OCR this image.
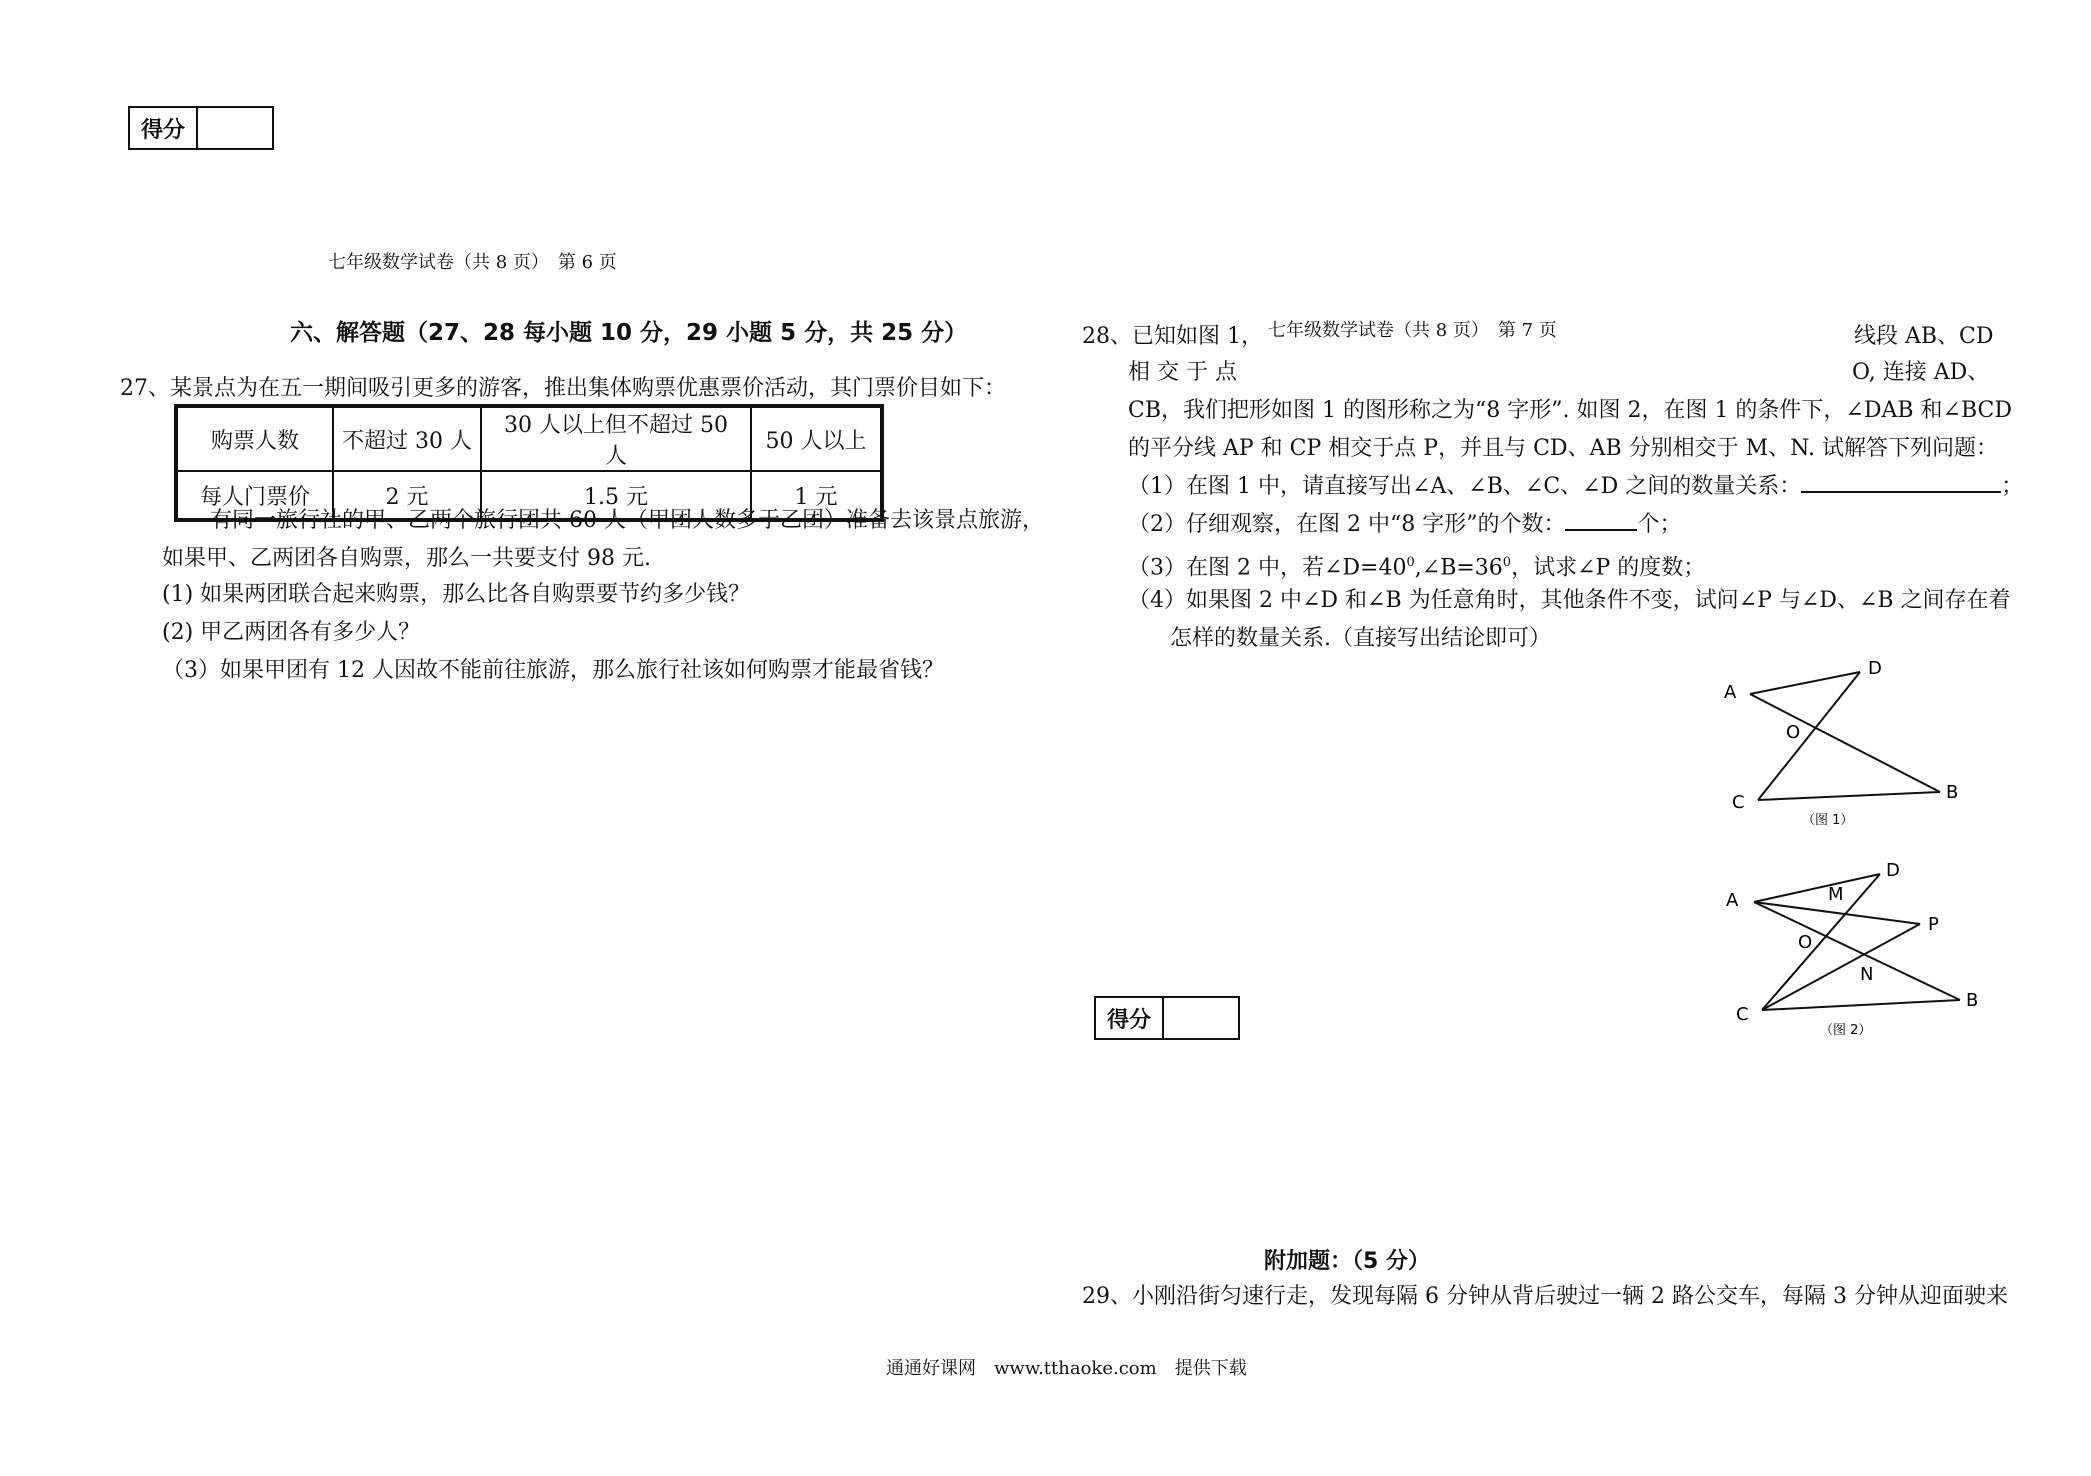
得分
七年级数学试卷（共 8 页）　第 6 页
六、解答题（27、28 每小题 10 分，29 小题 5 分，共 25 分）
27、某景点为在五一期间吸引更多的游客，推出集体购票优惠票价活动，其门票价目如下：
购票人数	不超过 30 人	30 人以上但不超过 50 人	50 人以上
每人门票价	2 元	1.5 元	1 元
有同一旅行社的甲、乙两个旅行团共 60 人（甲团人数多于乙团）准备去该景点旅游，
如果甲、乙两团各自购票，那么一共要支付 98 元.
(1) 如果两团联合起来购票，那么比各自购票要节约多少钱？
(2) 甲乙两团各有多少人？
（3）如果甲团有 12 人因故不能前往旅游，那么旅行社该如何购票才能最省钱？
七年级数学试卷（共 8 页）　第 7 页
28、已知如图 1，	线段 AB、CD
相 交 于 点	O, 连接 AD、
CB，我们把形如图 1 的图形称之为“8 字形”. 如图 2，在图 1 的条件下，∠DAB 和∠BCD
的平分线 AP 和 CP 相交于点 P，并且与 CD、AB 分别相交于 M、N. 试解答下列问题：
（1）在图 1 中，请直接写出∠A、∠B、∠C、∠D 之间的数量关系：	；
（2）仔细观察，在图 2 中“8 字形”的个数：	个；
（3）在图 2 中，若$\angle D=40^0,\angle B=36^0$，试求∠P 的度数；
（4）如果图 2 中∠D 和∠B 为任意角时，其他条件不变，试问∠P 与∠D、∠B 之间存在着
怎样的数量关系.（直接写出结论即可）
A
D
O
C	B
（图 1）
A	M
D
P
O
N
C
B
（图 2）
得分
附加题：（5 分）
29、小刚沿街匀速行走，发现每隔 6 分钟从背后驶过一辆 2 路公交车，每隔 3 分钟从迎面驶来
通通好课网　www.tthaoke.com　提供下载
